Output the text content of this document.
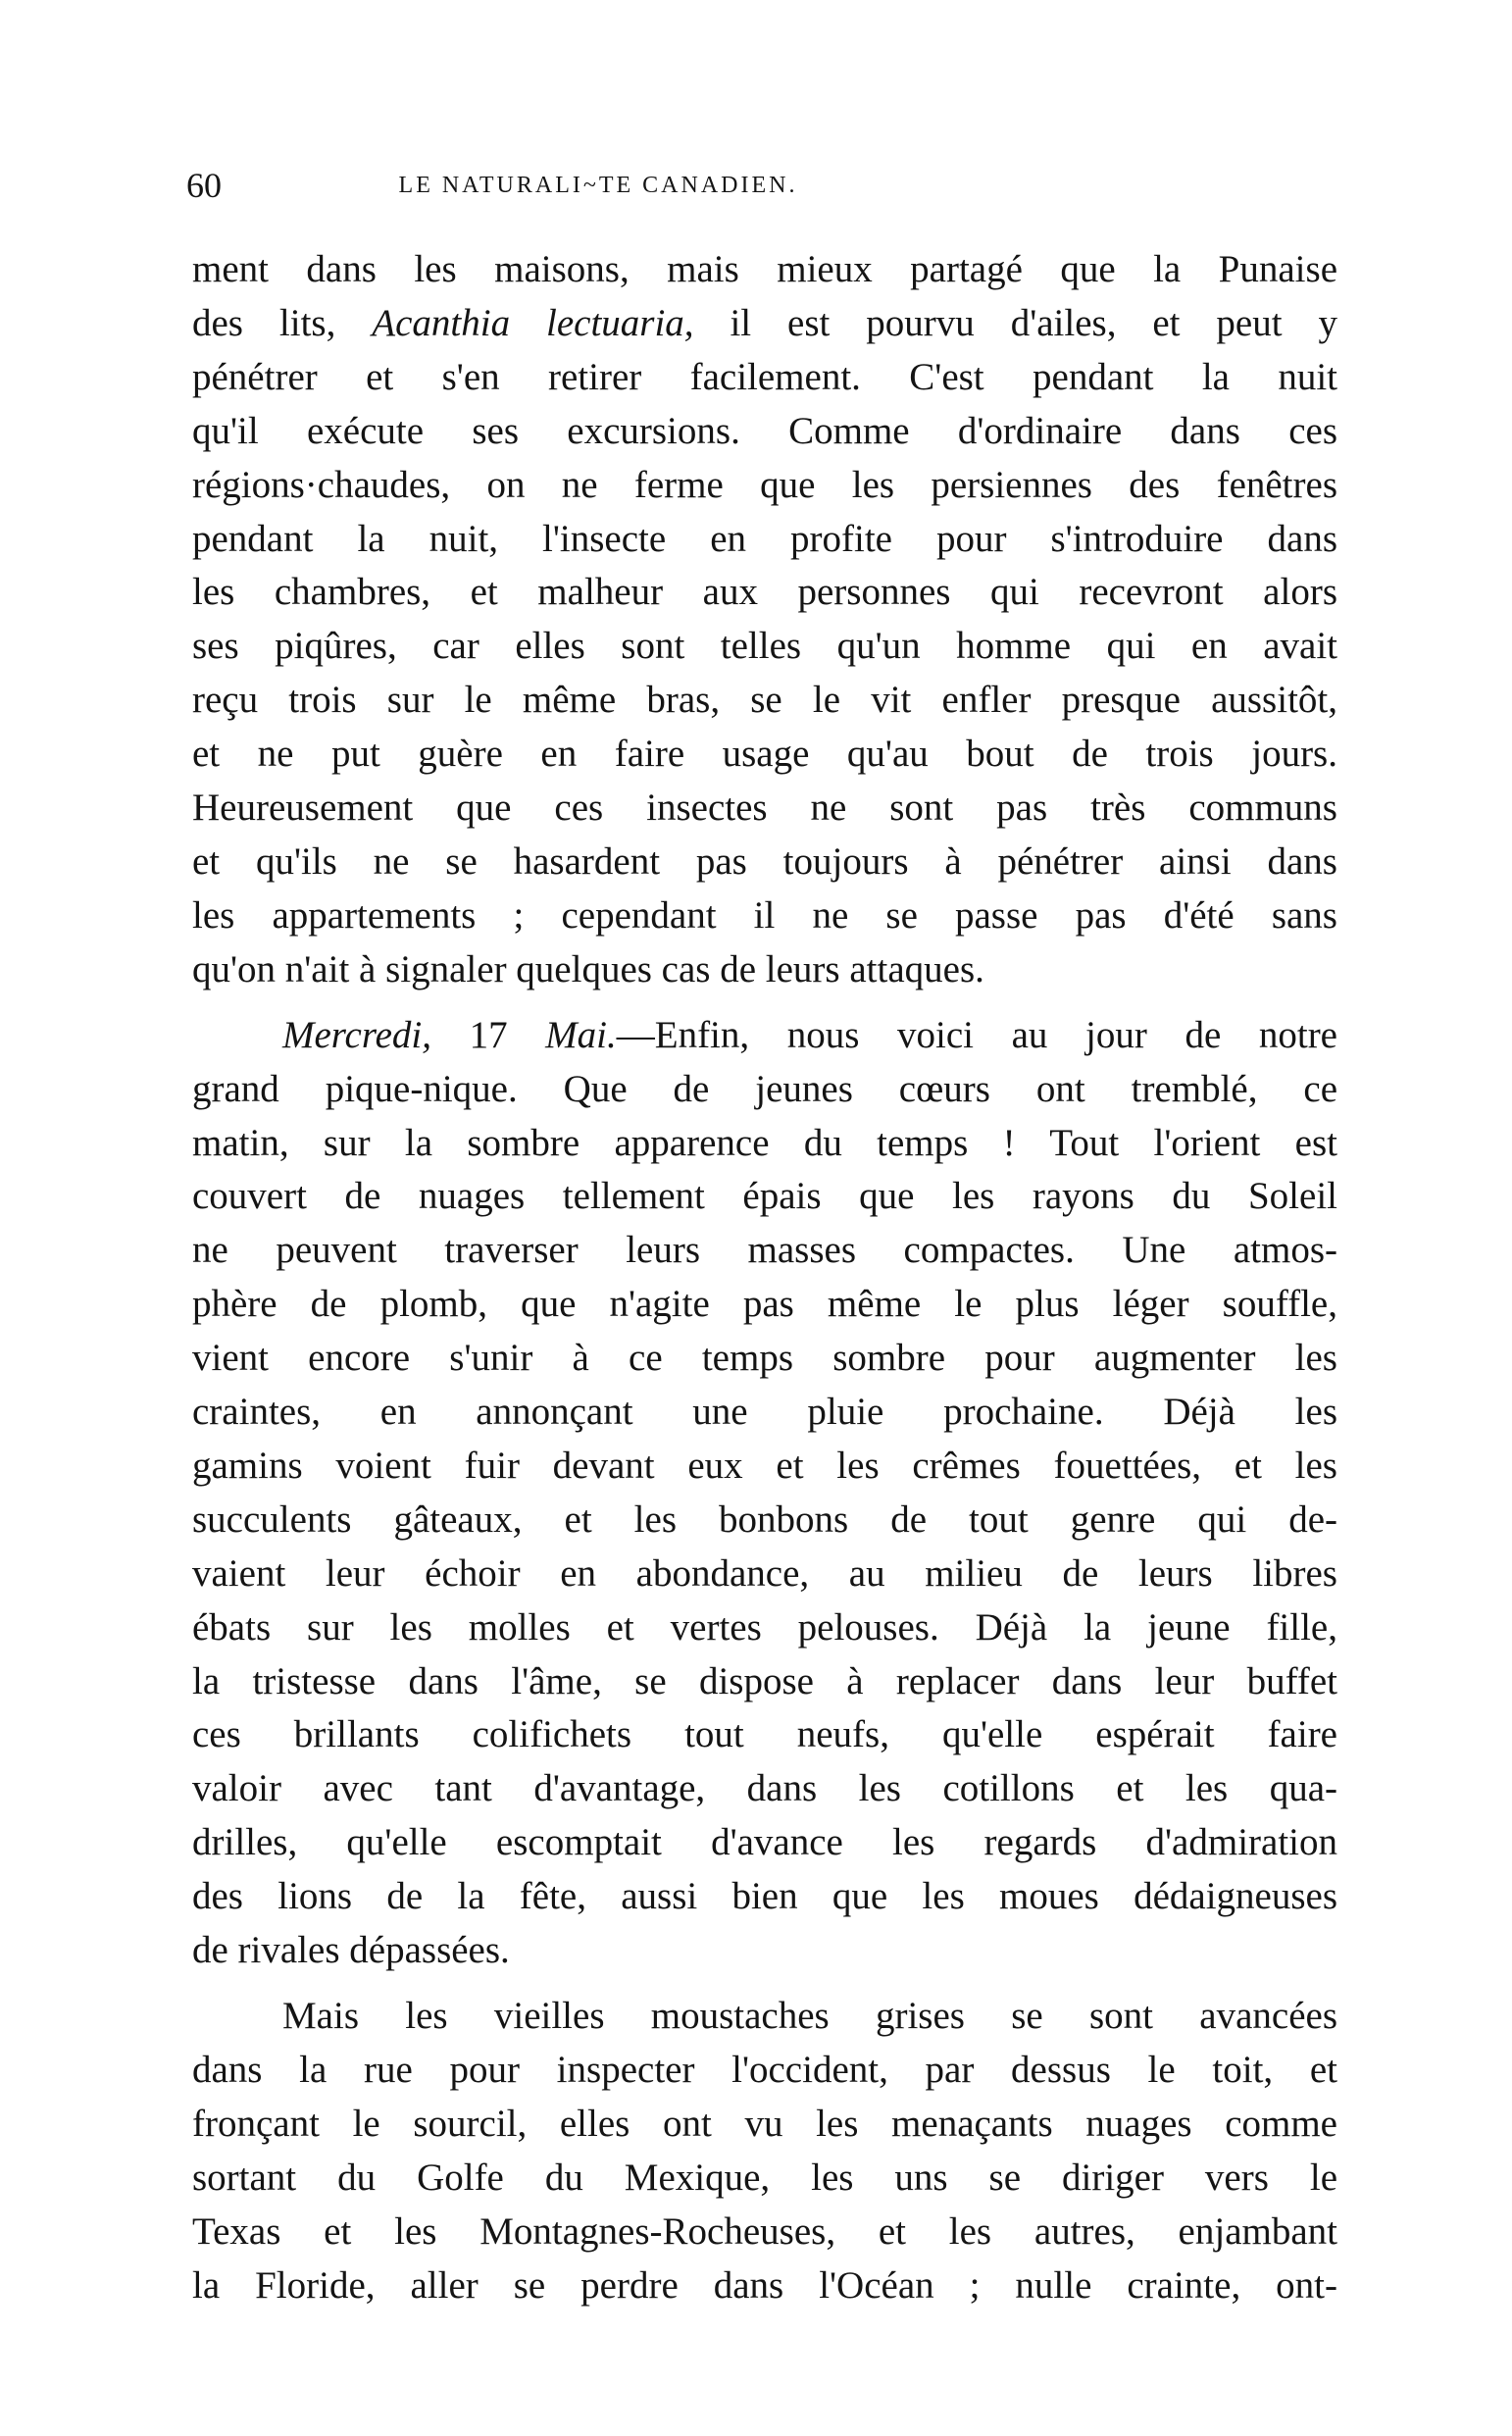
60	LE NATURALI~TE CANADIEN.

ment dans les maisons, mais mieux partagé que la Punaise
des lits, Acanthia lectuaria, il est pourvu d'ailes, et peut y
pénétrer et s'en retirer facilement. C'est pendant la nuit
qu'il exécute ses excursions. Comme d'ordinaire dans ces
régions·chaudes, on ne ferme que les persiennes des fenêtres
pendant la nuit, l'insecte en profite pour s'introduire dans
les chambres, et malheur aux personnes qui recevront alors
ses piqûres, car elles sont telles qu'un homme qui en avait
reçu trois sur le même bras, se le vit enfler presque aussitôt,
et ne put guère en faire usage qu'au bout de trois jours.
Heureusement que ces insectes ne sont pas très communs
et qu'ils ne se hasardent pas toujours à pénétrer ainsi dans
les appartements ; cependant il ne se passe pas d'été sans
qu'on n'ait à signaler quelques cas de leurs attaques.

Mercredi, 17 Mai.—Enfin, nous voici au jour de notre
grand pique-nique. Que de jeunes cœurs ont tremblé, ce
matin, sur la sombre apparence du temps ! Tout l'orient est
couvert de nuages tellement épais que les rayons du Soleil
ne peuvent traverser leurs masses compactes. Une atmos-
phère de plomb, que n'agite pas même le plus léger souffle,
vient encore s'unir à ce temps sombre pour augmenter les
craintes, en annonçant une pluie prochaine. Déjà les
gamins voient fuir devant eux et les crêmes fouettées, et les
succulents gâteaux, et les bonbons de tout genre qui de-
vaient leur échoir en abondance, au milieu de leurs libres
ébats sur les molles et vertes pelouses. Déjà la jeune fille,
la tristesse dans l'âme, se dispose à replacer dans leur buffet
ces brillants colifichets tout neufs, qu'elle espérait faire
valoir avec tant d'avantage, dans les cotillons et les qua-
drilles, qu'elle escomptait d'avance les regards d'admiration
des lions de la fête, aussi bien que les moues dédaigneuses
de rivales dépassées.

Mais les vieilles moustaches grises se sont avancées
dans la rue pour inspecter l'occident, par dessus le toit, et
fronçant le sourcil, elles ont vu les menaçants nuages comme
sortant du Golfe du Mexique, les uns se diriger vers le
Texas et les Montagnes-Rocheuses, et les autres, enjambant
la Floride, aller se perdre dans l'Océan ; nulle crainte, ont-
